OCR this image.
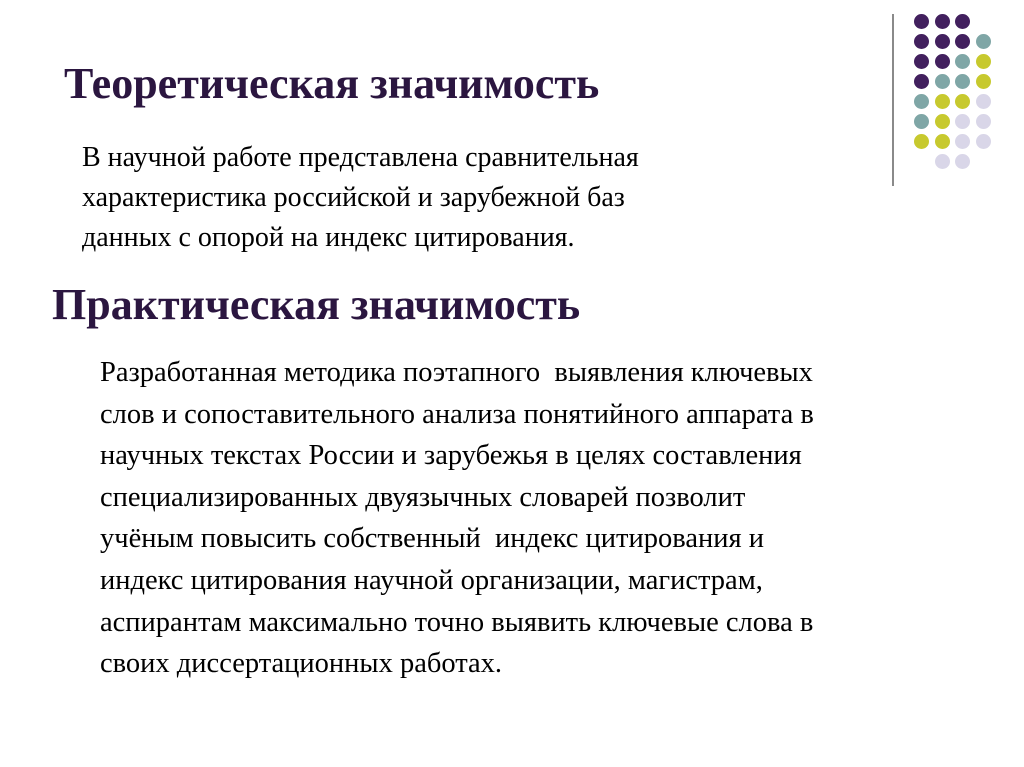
Теоретическая значимость

В научной работе представлена сравнительная
характеристика российской и зарубежной баз
данных с опорой на индекс цитирования.

Практическая значимость

Разработанная методика поэтапного  выявления ключевых
слов и сопоставительного анализа понятийного аппарата в
научных текстах России и зарубежья в целях составления
специализированных двуязычных словарей позволит
учёным повысить собственный  индекс цитирования и
индекс цитирования научной организации, магистрам,
аспирантам максимально точно выявить ключевые слова в
своих диссертационных работах.
